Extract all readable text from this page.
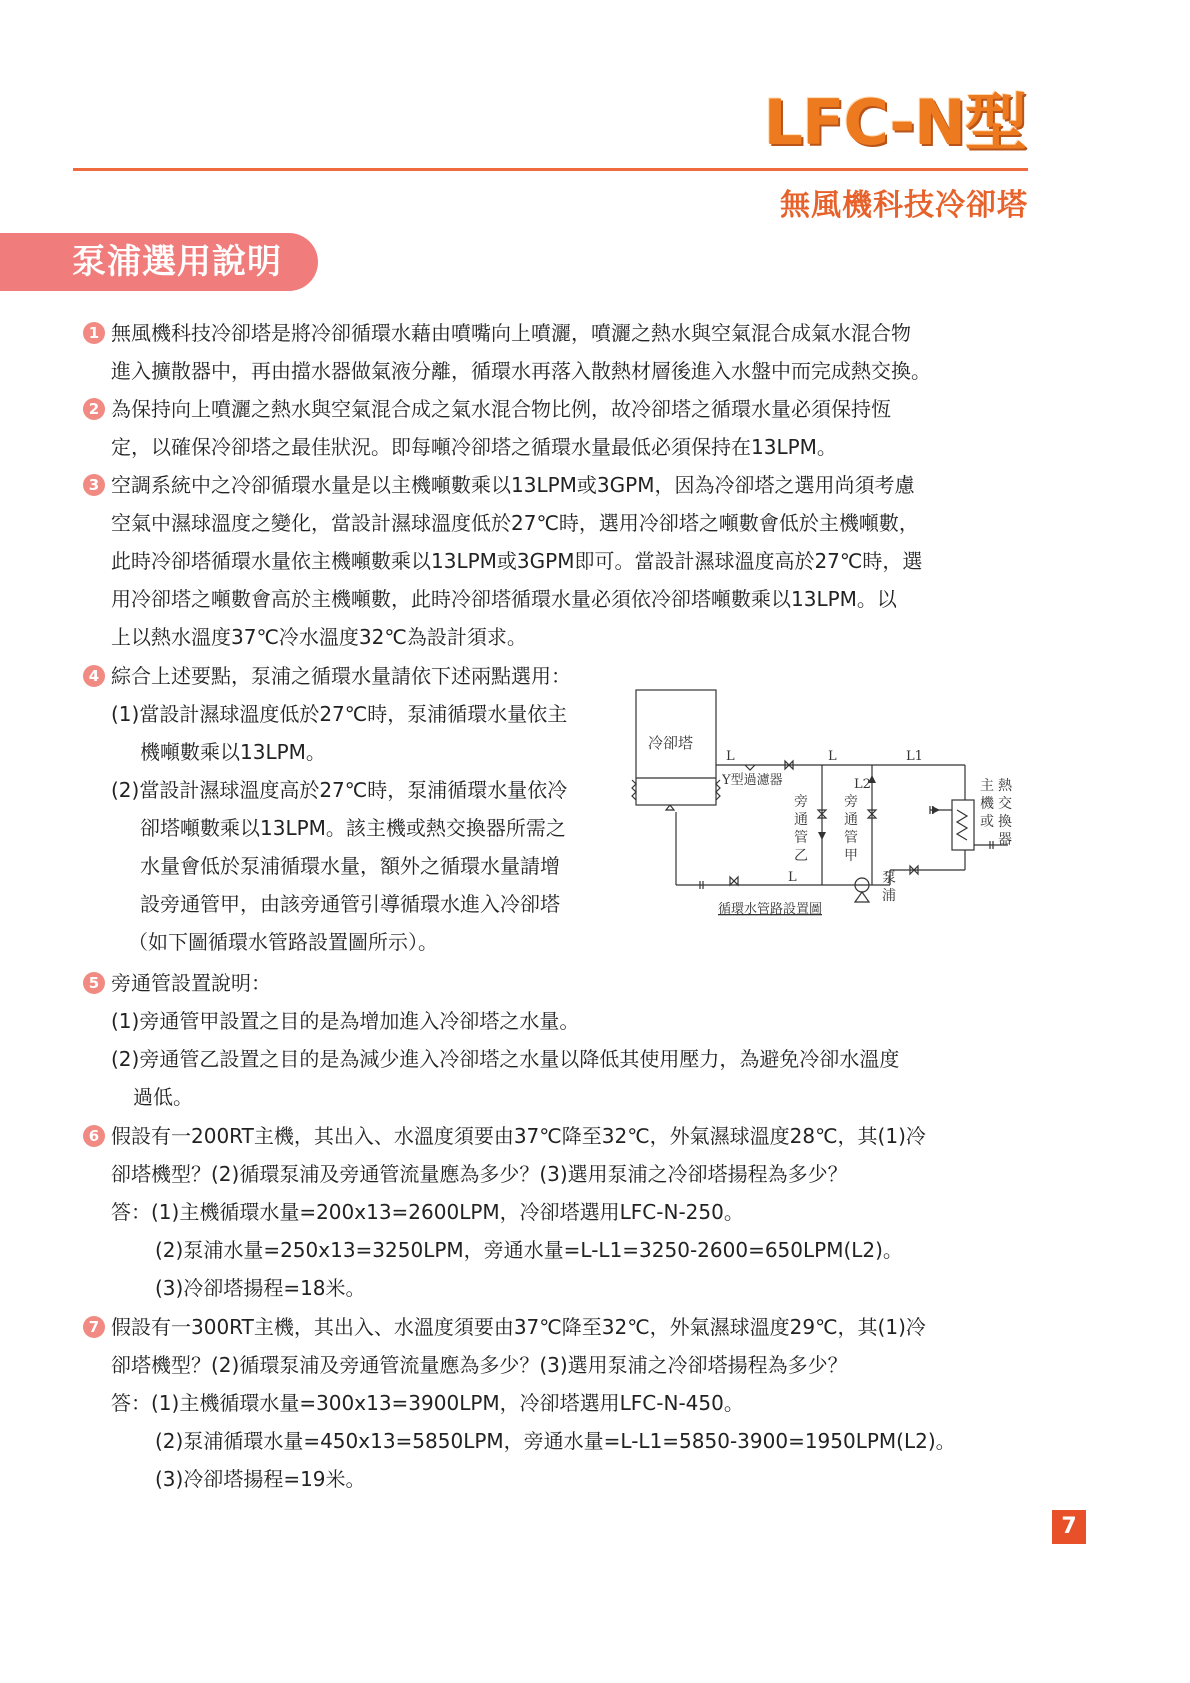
LFC-N型
無風機科技冷卻塔
泵浦選用說明
1 無風機科技冷卻塔是將冷卻循環水藉由噴嘴向上噴灑，噴灑之熱水與空氣混合成氣水混合物
進入擴散器中，再由擋水器做氣液分離，循環水再落入散熱材層後進入水盤中而完成熱交換。
2 為保持向上噴灑之熱水與空氣混合成之氣水混合物比例，故冷卻塔之循環水量必須保持恆
定，以確保冷卻塔之最佳狀況。即每噸冷卻塔之循環水量最低必須保持在13LPM。
3 空調系統中之冷卻循環水量是以主機噸數乘以13LPM或3GPM，因為冷卻塔之選用尚須考慮
空氣中濕球溫度之變化，當設計濕球溫度低於27℃時，選用冷卻塔之噸數會低於主機噸數，
此時冷卻塔循環水量依主機噸數乘以13LPM或3GPM即可。當設計濕球溫度高於27℃時，選
用冷卻塔之噸數會高於主機噸數，此時冷卻塔循環水量必須依冷卻塔噸數乘以13LPM。以
上以熱水溫度37℃冷水溫度32℃為設計須求。
4 綜合上述要點，泵浦之循環水量請依下述兩點選用：
(1)當設計濕球溫度低於27℃時，泵浦循環水量依主
機噸數乘以13LPM。
(2)當設計濕球溫度高於27℃時，泵浦循環水量依冷
卻塔噸數乘以13LPM。該主機或熱交換器所需之
水量會低於泵浦循環水量，額外之循環水量請增
設旁通管甲，由該旁通管引導循環水進入冷卻塔
（如下圖循環水管路設置圖所示）。
冷卻塔
L	L	L1
L2
L
Y型過濾器
旁
通
管
乙
旁
通
管
甲
主
機
或
熱
交
換
器
泵
浦
循環水管路設置圖
5 旁通管設置說明：
(1)旁通管甲設置之目的是為增加進入冷卻塔之水量。
(2)旁通管乙設置之目的是為減少進入冷卻塔之水量以降低其使用壓力，為避免冷卻水溫度
過低。
6 假設有一200RT主機，其出入、水溫度須要由37℃降至32℃，外氣濕球溫度28℃，其(1)冷
卻塔機型？(2)循環泵浦及旁通管流量應為多少？(3)選用泵浦之冷卻塔揚程為多少？
答：(1)主機循環水量=200x13=2600LPM，冷卻塔選用LFC-N-250。
(2)泵浦水量=250x13=3250LPM，旁通水量=L-L1=3250-2600=650LPM(L2)。
(3)冷卻塔揚程=18米。
7 假設有一300RT主機，其出入、水溫度須要由37℃降至32℃，外氣濕球溫度29℃，其(1)冷
卻塔機型？(2)循環泵浦及旁通管流量應為多少？(3)選用泵浦之冷卻塔揚程為多少？
答：(1)主機循環水量=300x13=3900LPM，冷卻塔選用LFC-N-450。
(2)泵浦循環水量=450x13=5850LPM，旁通水量=L-L1=5850-3900=1950LPM(L2)。
(3)冷卻塔揚程=19米。
7
